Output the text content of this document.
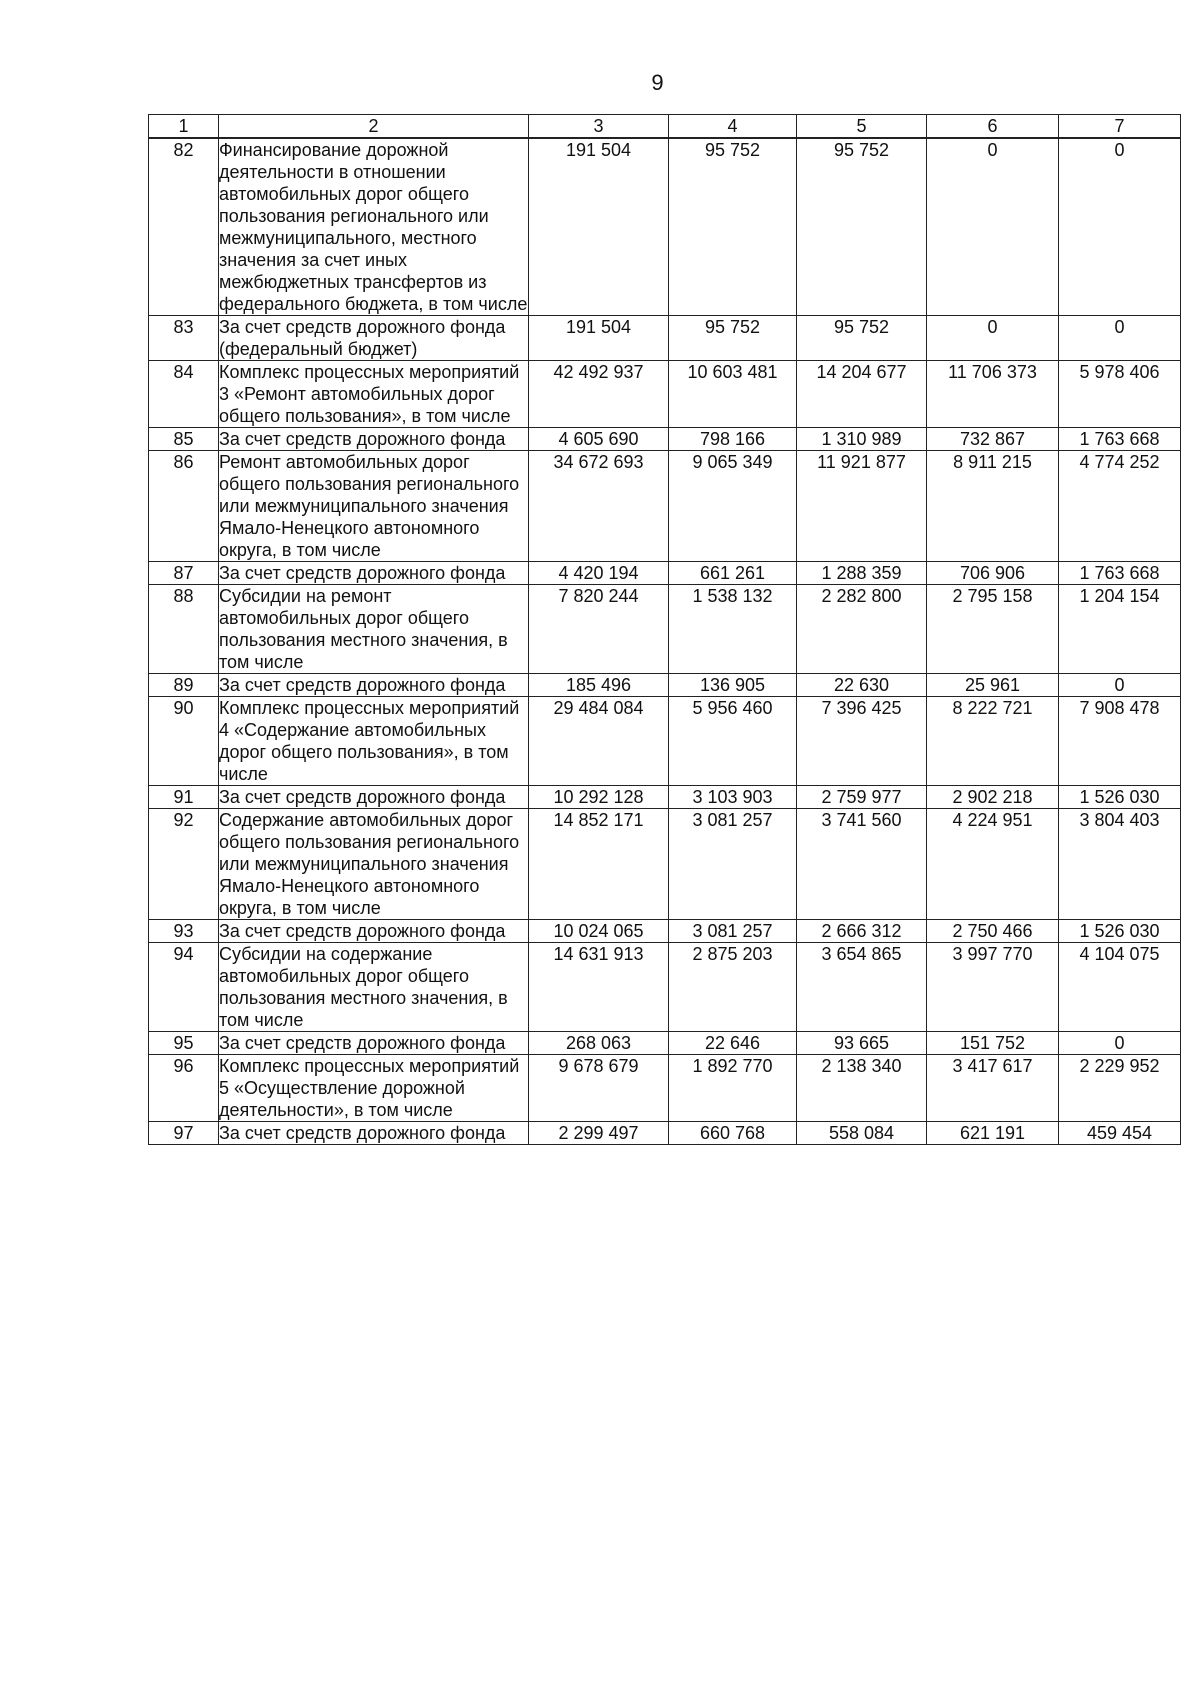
9
1	2	3	4	5	6	7
82	Финансирование дорожной деятельности в отношении автомобильных дорог общего пользования регионального или межмуниципального, местного значения за счет иных межбюджетных трансфертов из федерального бюджета, в том числе	191 504	95 752	95 752	0	0
83	За счет средств дорожного фонда (федеральный бюджет)	191 504	95 752	95 752	0	0
84	Комплекс процессных мероприятий 3 «Ремонт автомобильных дорог общего пользования», в том числе	42 492 937	10 603 481	14 204 677	11 706 373	5 978 406
85	За счет средств дорожного фонда	4 605 690	798 166	1 310 989	732 867	1 763 668
86	Ремонт автомобильных дорог общего пользования регионального или межмуниципального значения Ямало-Ненецкого автономного округа, в том числе	34 672 693	9 065 349	11 921 877	8 911 215	4 774 252
87	За счет средств дорожного фонда	4 420 194	661 261	1 288 359	706 906	1 763 668
88	Субсидии на ремонт автомобильных дорог общего пользования местного значения, в том числе	7 820 244	1 538 132	2 282 800	2 795 158	1 204 154
89	За счет средств дорожного фонда	185 496	136 905	22 630	25 961	0
90	Комплекс процессных мероприятий 4 «Содержание автомобильных дорог общего пользования», в том числе	29 484 084	5 956 460	7 396 425	8 222 721	7 908 478
91	За счет средств дорожного фонда	10 292 128	3 103 903	2 759 977	2 902 218	1 526 030
92	Содержание автомобильных дорог общего пользования регионального или межмуниципального значения Ямало-Ненецкого автономного округа, в том числе	14 852 171	3 081 257	3 741 560	4 224 951	3 804 403
93	За счет средств дорожного фонда	10 024 065	3 081 257	2 666 312	2 750 466	1 526 030
94	Субсидии на содержание автомобильных дорог общего пользования местного значения, в том числе	14 631 913	2 875 203	3 654 865	3 997 770	4 104 075
95	За счет средств дорожного фонда	268 063	22 646	93 665	151 752	0
96	Комплекс процессных мероприятий 5 «Осуществление дорожной деятельности», в том числе	9 678 679	1 892 770	2 138 340	3 417 617	2 229 952
97	За счет средств дорожного фонда	2 299 497	660 768	558 084	621 191	459 454
